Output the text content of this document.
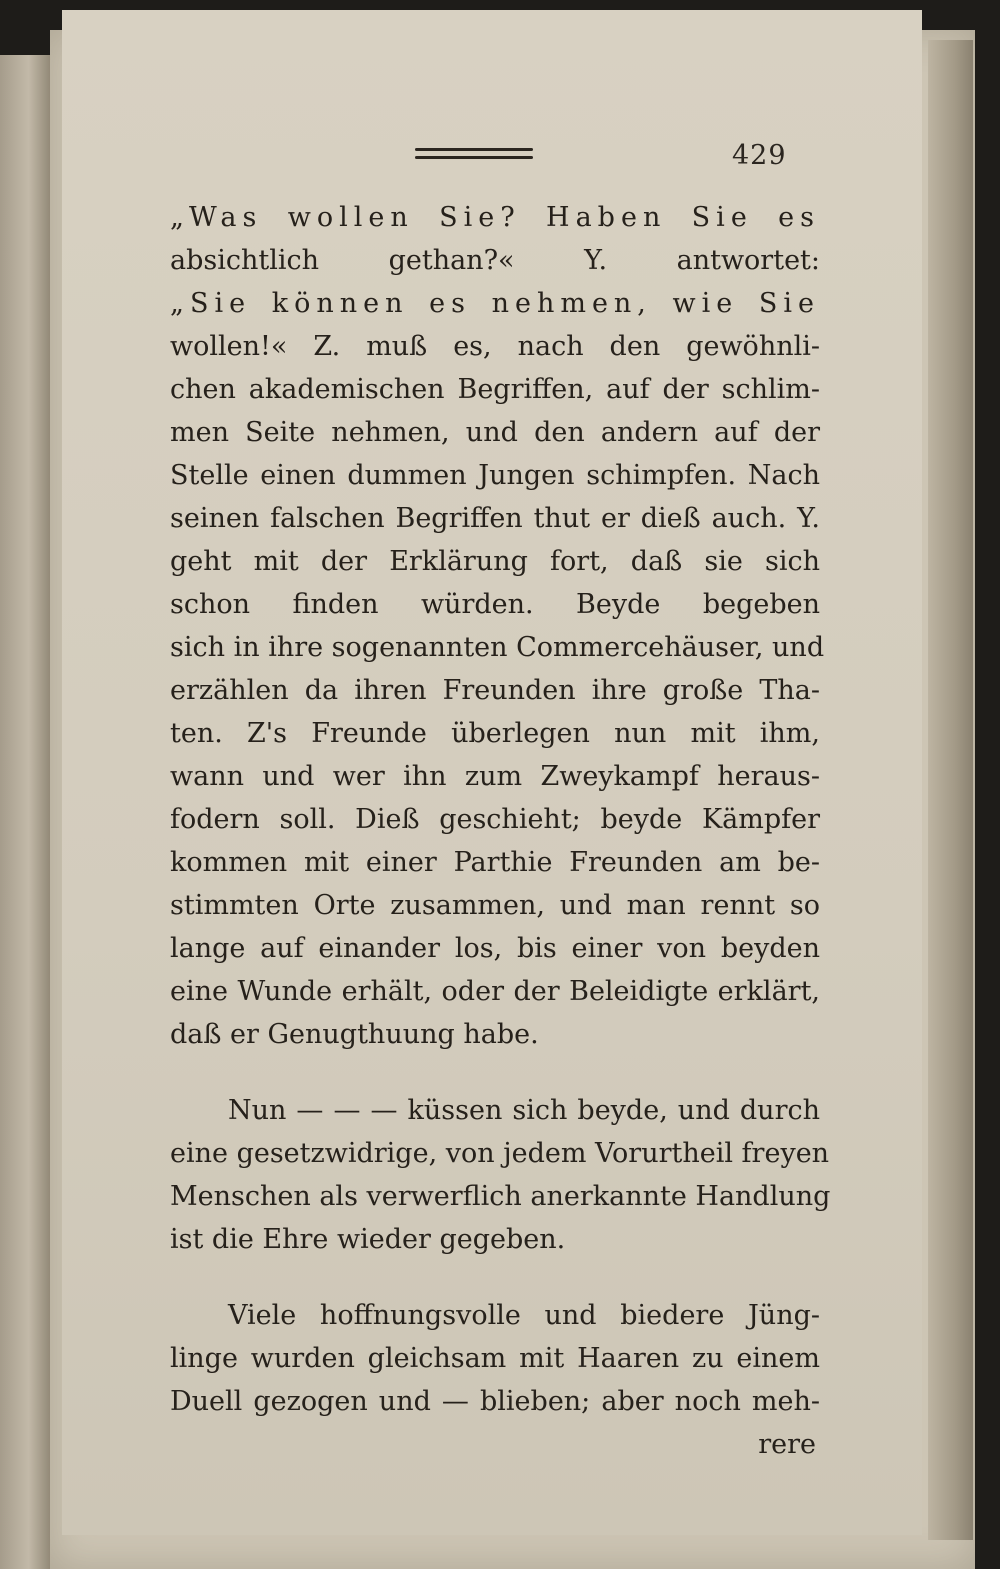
429
„Was wollen Sie? Haben Sie es
absichtlich gethan?« Y. antwortet:
„Sie können es nehmen, wie Sie
wollen!« Z. muß es, nach den gewöhnli-
chen akademischen Begriffen, auf der schlim-
men Seite nehmen, und den andern auf der
Stelle einen dummen Jungen schimpfen. Nach
seinen falschen Begriffen thut er dieß auch. Y.
geht mit der Erklärung fort, daß sie sich
schon finden würden. Beyde begeben
sich in ihre sogenannten Commercehäuser, und
erzählen da ihren Freunden ihre große Tha-
ten. Z's Freunde überlegen nun mit ihm,
wann und wer ihn zum Zweykampf heraus-
fodern soll. Dieß geschieht; beyde Kämpfer
kommen mit einer Parthie Freunden am be-
stimmten Orte zusammen, und man rennt so
lange auf einander los, bis einer von beyden
eine Wunde erhält, oder der Beleidigte erklärt,
daß er Genugthuung habe.
Nun — — — küssen sich beyde, und durch
eine gesetzwidrige, von jedem Vorurtheil freyen
Menschen als verwerflich anerkannte Handlung
ist die Ehre wieder gegeben.
Viele hoffnungsvolle und biedere Jüng-
linge wurden gleichsam mit Haaren zu einem
Duell gezogen und — blieben; aber noch meh-
rere
